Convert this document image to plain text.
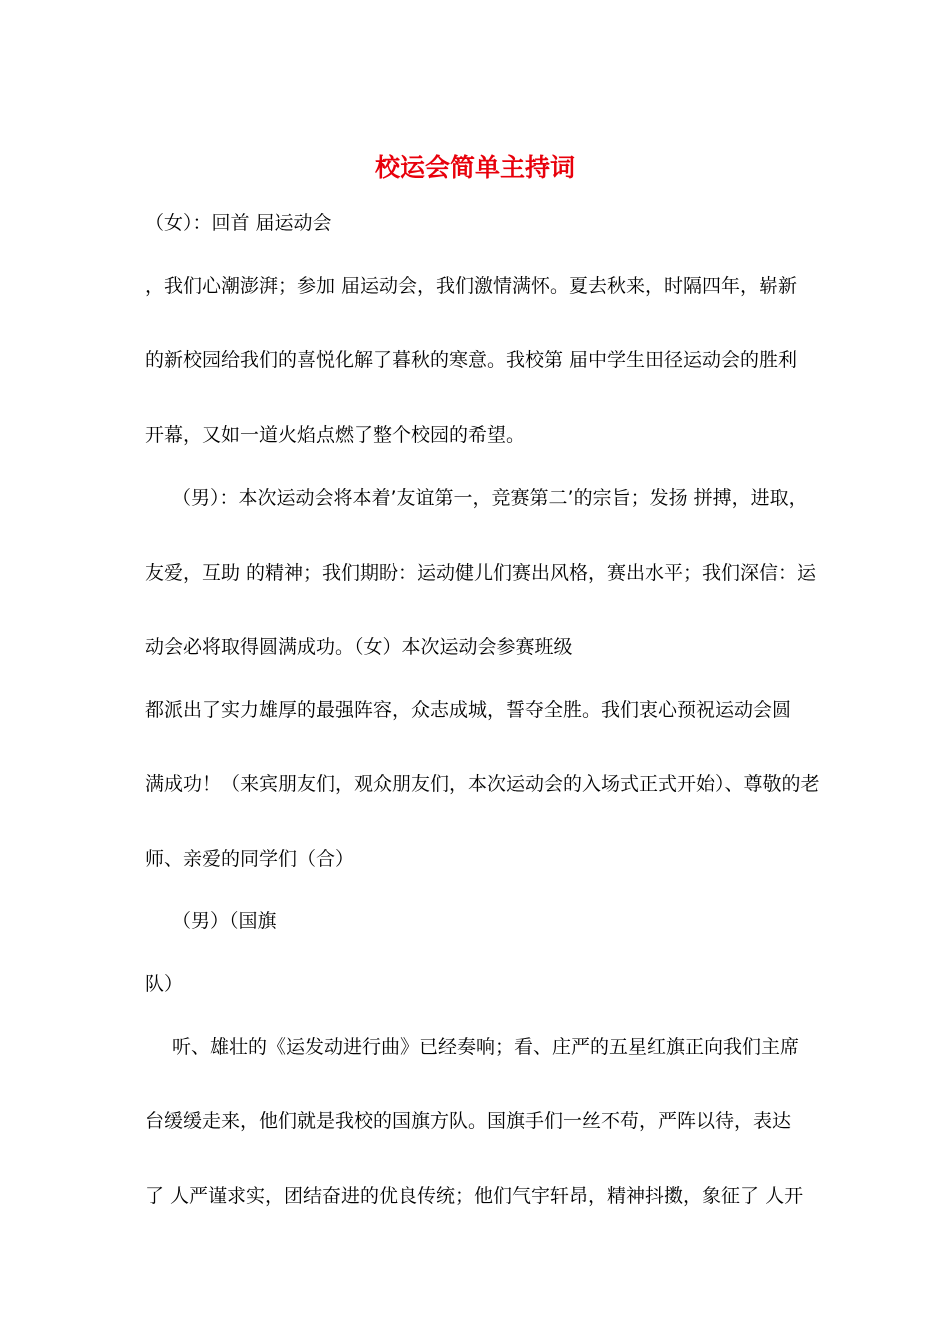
校运会简单主持词
（女）：回首 届运动会
，我们心潮澎湃；参加 届运动会，我们激情满怀。夏去秋来，时隔四年，崭新
的新校园给我们的喜悦化解了暮秋的寒意。我校第 届中学生田径运动会的胜利
开幕，又如一道火焰点燃了整个校园的希望。
（男）：本次运动会将本着’友谊第一，竞赛第二’的宗旨；发扬 拼搏，进取，
友爱，互助 的精神；我们期盼：运动健儿们赛出风格，赛出水平；我们深信：运
动会必将取得圆满成功。（女）本次运动会参赛班级
都派出了实力雄厚的最强阵容，众志成城，誓夺全胜。我们衷心预祝运动会圆
满成功！（来宾朋友们，观众朋友们，本次运动会的入场式正式开始）、尊敬的老
师、亲爱的同学们（合）
（男）（国旗
队）
听、雄壮的《运发动进行曲》已经奏响；看、庄严的五星红旗正向我们主席
台缓缓走来，他们就是我校的国旗方队。国旗手们一丝不苟，严阵以待，表达
了 人严谨求实，团结奋进的优良传统；他们气宇轩昂，精神抖擞，象征了 人开
